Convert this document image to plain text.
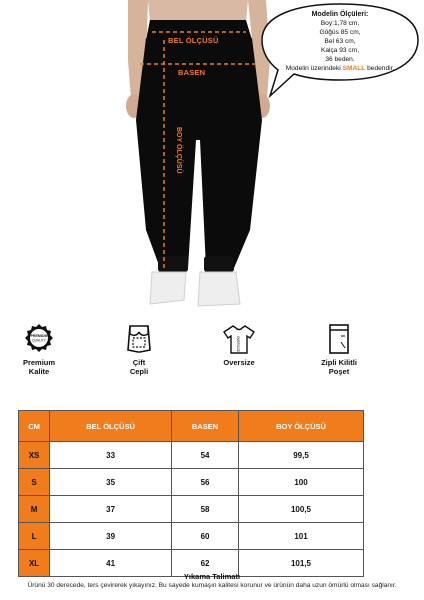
Modelin Ölçüleri:
Boy:1,78 cm,
Göğüs 85 cm,
Bel 63 cm,
Kalça 93 cm,
36 beden.
Modelin üzerindeki SMALL bedendir.
BEL ÖLÇÜSÜ
BASEN
BOY ÖLÇÜSÜ
PREMIUM
QUALITY
Premium
Kalite
Çift
Cepli
OVERSIZE
Oversize	Zipli Kilitli
Poşet
CM	BEL ÖLÇÜSÜ	BASEN	BOY ÖLÇÜSÜ
XS	33	54	99,5
S	35	56	100
M	37	58	100,5
L	39	60	101
XL	41	62	101,5
Yıkama Talimatı
Ürünü 30 derecede, ters çevirerek yıkayınız. Bu sayede kumaşın kalitesi korunur ve ürünün daha uzun ömürlü olması sağlanır.
